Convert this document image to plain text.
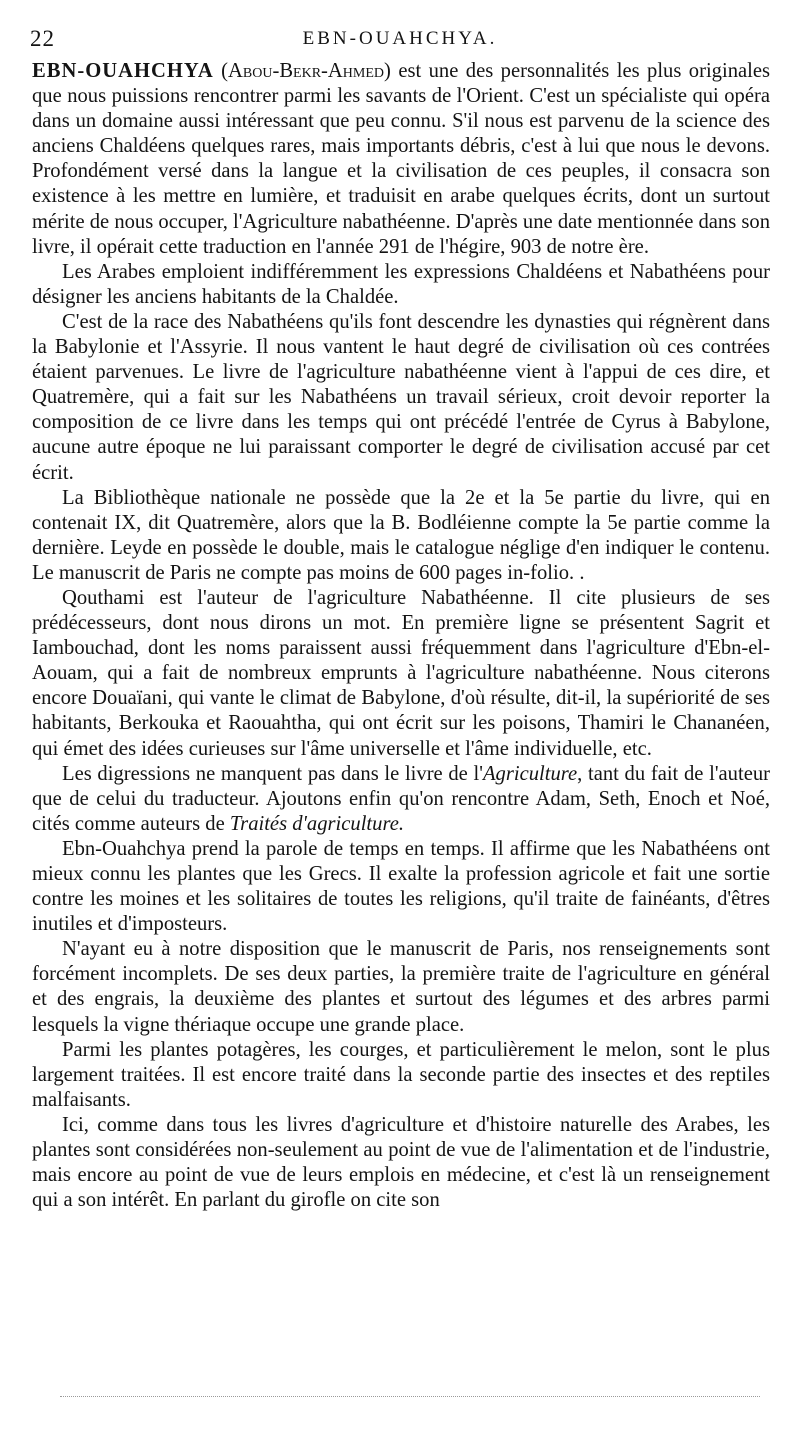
22	EBN-OUAHCHYA.

EBN-OUAHCHYA (Abou-Bekr-Ahmed) est une des personnalités les plus originales que nous puissions rencontrer parmi les savants de l'Orient. C'est un spécialiste qui opéra dans un domaine aussi intéressant que peu connu. S'il nous est parvenu de la science des anciens Chaldéens quelques rares, mais importants débris, c'est à lui que nous le devons. Profondément versé dans la langue et la civilisation de ces peuples, il consacra son existence à les mettre en lumière, et traduisit en arabe quelques écrits, dont un surtout mérite de nous occuper, l'Agriculture nabathéenne. D'après une date mentionnée dans son livre, il opérait cette traduction en l'année 291 de l'hégire, 903 de notre ère.

Les Arabes emploient indifféremment les expressions Chaldéens et Nabathéens pour désigner les anciens habitants de la Chaldée.

C'est de la race des Nabathéens qu'ils font descendre les dynasties qui régnèrent dans la Babylonie et l'Assyrie. Il nous vantent le haut degré de civilisation où ces contrées étaient parvenues. Le livre de l'agriculture nabathéenne vient à l'appui de ces dire, et Quatremère, qui a fait sur les Nabathéens un travail sérieux, croit devoir reporter la composition de ce livre dans les temps qui ont précédé l'entrée de Cyrus à Babylone, aucune autre époque ne lui paraissant comporter le degré de civilisation accusé par cet écrit.

La Bibliothèque nationale ne possède que la 2e et la 5e partie du livre, qui en contenait IX, dit Quatremère, alors que la B. Bodléienne compte la 5e partie comme la dernière. Leyde en possède le double, mais le catalogue néglige d'en indiquer le contenu. Le manuscrit de Paris ne compte pas moins de 600 pages in-folio. .

Qouthami est l'auteur de l'agriculture Nabathéenne. Il cite plusieurs de ses prédécesseurs, dont nous dirons un mot. En première ligne se présentent Sagrit et Iambouchad, dont les noms paraissent aussi fréquemment dans l'agriculture d'Ebn-el-Aouam, qui a fait de nombreux emprunts à l'agriculture nabathéenne. Nous citerons encore Douaïani, qui vante le climat de Babylone, d'où résulte, dit-il, la supériorité de ses habitants, Berkouka et Raouahtha, qui ont écrit sur les poisons, Thamiri le Chananéen, qui émet des idées curieuses sur l'âme universelle et l'âme individuelle, etc.

Les digressions ne manquent pas dans le livre de l'Agriculture, tant du fait de l'auteur que de celui du traducteur. Ajoutons enfin qu'on rencontre Adam, Seth, Enoch et Noé, cités comme auteurs de Traités d'agriculture.

Ebn-Ouahchya prend la parole de temps en temps. Il affirme que les Nabathéens ont mieux connu les plantes que les Grecs. Il exalte la profession agricole et fait une sortie contre les moines et les solitaires de toutes les religions, qu'il traite de fainéants, d'êtres inutiles et d'imposteurs.

N'ayant eu à notre disposition que le manuscrit de Paris, nos renseignements sont forcément incomplets. De ses deux parties, la première traite de l'agriculture en général et des engrais, la deuxième des plantes et surtout des légumes et des arbres parmi lesquels la vigne thériaque occupe une grande place.

Parmi les plantes potagères, les courges, et particulièrement le melon, sont le plus largement traitées. Il est encore traité dans la seconde partie des insectes et des reptiles malfaisants.

Ici, comme dans tous les livres d'agriculture et d'histoire naturelle des Arabes, les plantes sont considérées non-seulement au point de vue de l'alimentation et de l'industrie, mais encore au point de vue de leurs emplois en médecine, et c'est là un renseignement qui a son intérêt. En parlant du girofle on cite son
